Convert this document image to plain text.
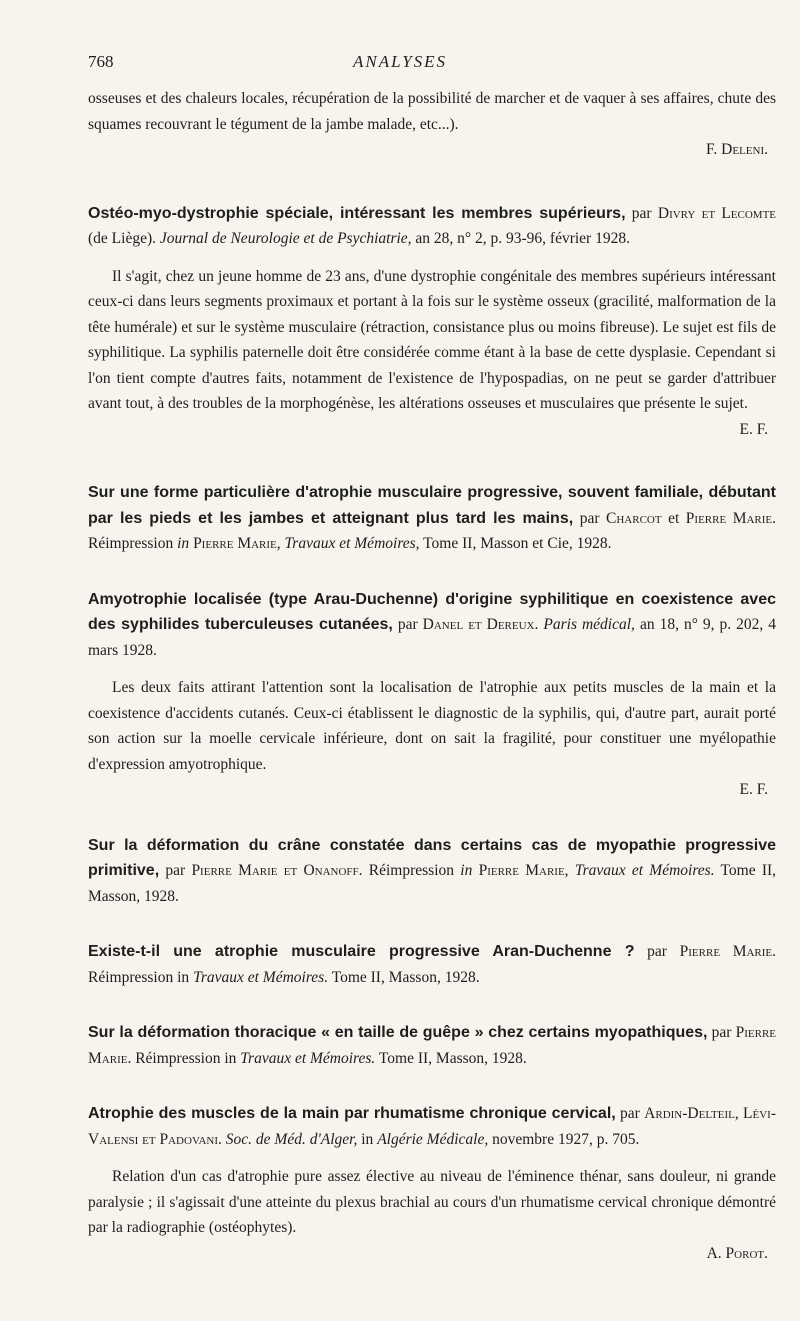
768	ANALYSES

osseuses et des chaleurs locales, récupération de la possibilité de marcher et de vaquer à ses affaires, chute des squames recouvrant le tégument de la jambe malade, etc...).

F. Deleni.

Ostéo-myo-dystrophie spéciale, intéressant les membres supérieurs, par Divry et Lecomte (de Liège). Journal de Neurologie et de Psychiatrie, an 28, n° 2, p. 93-96, février 1928.

Il s'agit, chez un jeune homme de 23 ans, d'une dystrophie congénitale des membres supérieurs intéressant ceux-ci dans leurs segments proximaux et portant à la fois sur le système osseux (gracilité, malformation de la tête humérale) et sur le système musculaire (rétraction, consistance plus ou moins fibreuse). Le sujet est fils de syphilitique. La syphilis paternelle doit être considérée comme étant à la base de cette dysplasie. Cependant si l'on tient compte d'autres faits, notamment de l'existence de l'hypospadias, on ne peut se garder d'attribuer avant tout, à des troubles de la morphogénèse, les altérations osseuses et musculaires que présente le sujet.

E. F.

Sur une forme particulière d'atrophie musculaire progressive, souvent familiale, débutant par les pieds et les jambes et atteignant plus tard les mains, par Charcot et Pierre Marie. Réimpression in Pierre Marie, Travaux et Mémoires, Tome II, Masson et Cie, 1928.

Amyotrophie localisée (type Arau-Duchenne) d'origine syphilitique en coexistence avec des syphilides tuberculeuses cutanées, par Danel et Dereux. Paris médical, an 18, n° 9, p. 202, 4 mars 1928.

Les deux faits attirant l'attention sont la localisation de l'atrophie aux petits muscles de la main et la coexistence d'accidents cutanés. Ceux-ci établissent le diagnostic de la syphilis, qui, d'autre part, aurait porté son action sur la moelle cervicale inférieure, dont on sait la fragilité, pour constituer une myélopathie d'expression amyotrophique.

E. F.

Sur la déformation du crâne constatée dans certains cas de myopathie progressive primitive, par Pierre Marie et Onanoff. Réimpression in Pierre Marie, Travaux et Mémoires. Tome II, Masson, 1928.

Existe-t-il une atrophie musculaire progressive Aran-Duchenne ? par Pierre Marie. Réimpression in Travaux et Mémoires. Tome II, Masson, 1928.

Sur la déformation thoracique « en taille de guêpe » chez certains myopathiques, par Pierre Marie. Réimpression in Travaux et Mémoires. Tome II, Masson, 1928.

Atrophie des muscles de la main par rhumatisme chronique cervical, par Ardin-Delteil, Lévi-Valensi et Padovani. Soc. de Méd. d'Alger, in Algérie Médicale, novembre 1927, p. 705.

Relation d'un cas d'atrophie pure assez élective au niveau de l'éminence thénar, sans douleur, ni grande paralysie ; il s'agissait d'une atteinte du plexus brachial au cours d'un rhumatisme cervical chronique démontré par la radiographie (ostéophytes).

A. Porot.
